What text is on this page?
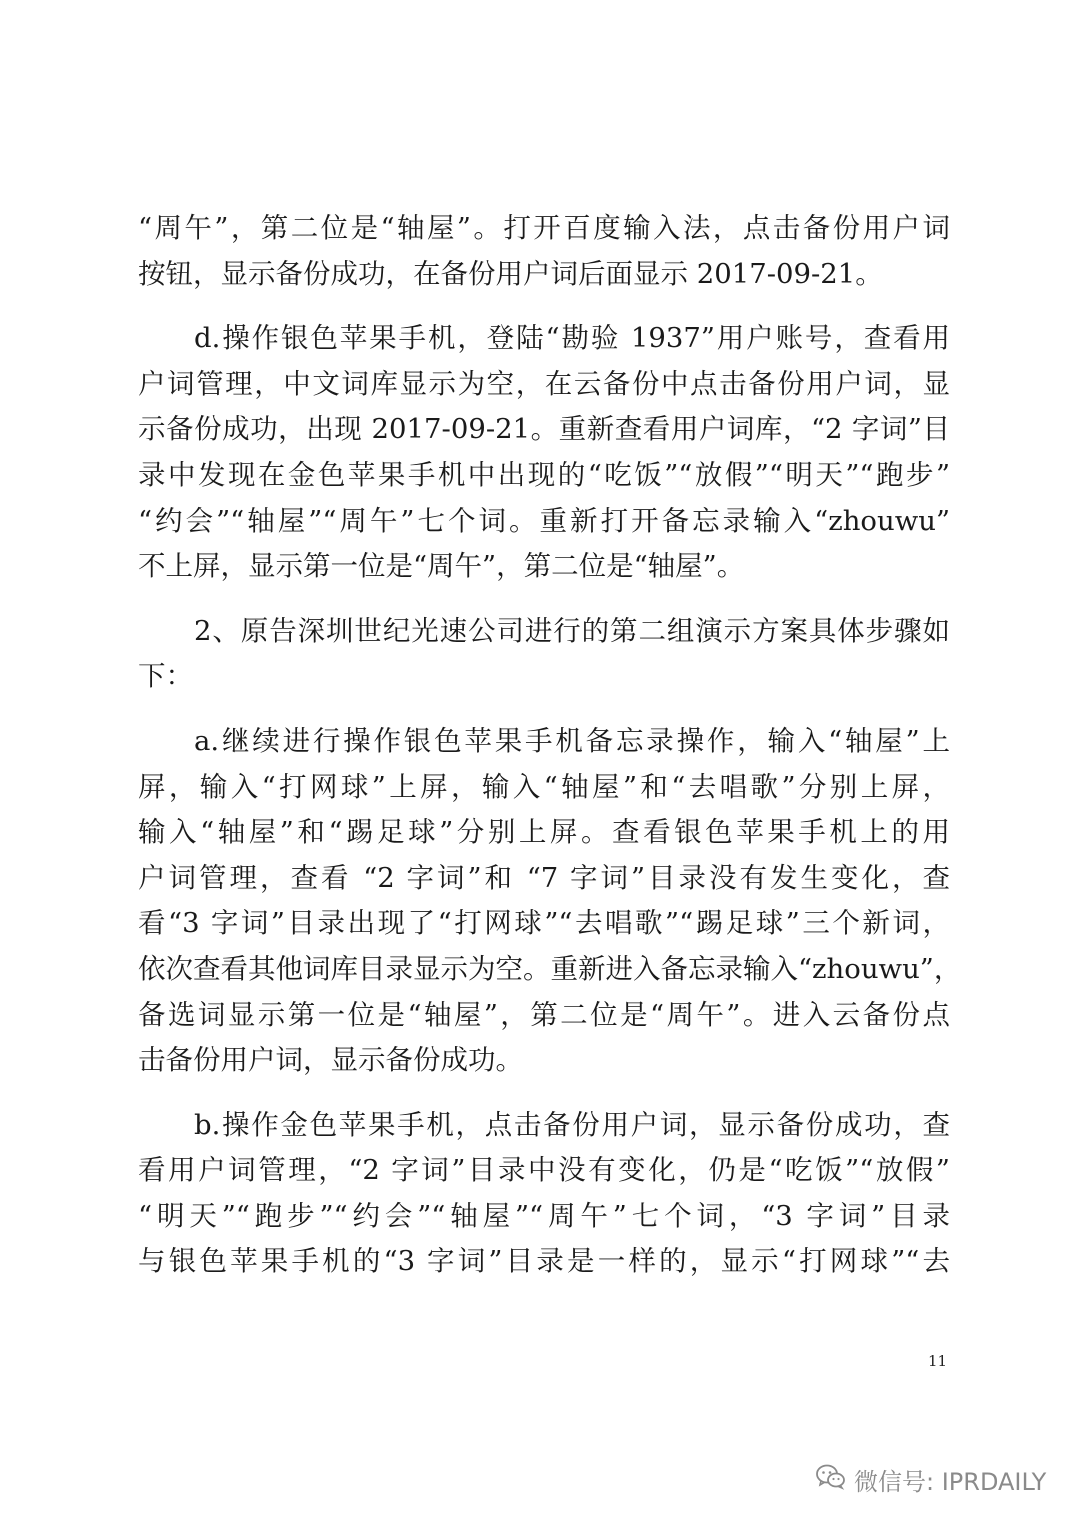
“周午”，第二位是“轴屋”。打开百度输入法，点击备份用户词
按钮，显示备份成功，在备份用户词后面显示 2017-09-21。
d.操作银色苹果手机，登陆“勘验 1937”用户账号，查看用
户词管理，中文词库显示为空，在云备份中点击备份用户词，显
示备份成功，出现 2017-09-21。重新查看用户词库，“2 字词”目
录中发现在金色苹果手机中出现的“吃饭”“放假”“明天”“跑步”
“约会”“轴屋”“周午”七个词。重新打开备忘录输入“zhouwu”
不上屏，显示第一位是“周午”，第二位是“轴屋”。
2、原告深圳世纪光速公司进行的第二组演示方案具体步骤如
下：
a.继续进行操作银色苹果手机备忘录操作，输入“轴屋”上
屏，输入“打网球”上屏，输入“轴屋”和“去唱歌”分别上屏，
输入“轴屋”和“踢足球”分别上屏。查看银色苹果手机上的用
户词管理，查看 “2 字词”和 “7 字词”目录没有发生变化，查
看“3 字词”目录出现了“打网球”“去唱歌”“踢足球”三个新词，
依次查看其他词库目录显示为空。重新进入备忘录输入“zhouwu”，
备选词显示第一位是“轴屋”，第二位是“周午”。进入云备份点
击备份用户词，显示备份成功。
b.操作金色苹果手机，点击备份用户词，显示备份成功，查
看用户词管理，“2 字词”目录中没有变化，仍是“吃饭”“放假”
“明天”“跑步”“约会”“轴屋”“周午”七个词，“3 字词”目录
与银色苹果手机的“3 字词”目录是一样的，显示“打网球”“去
11
微信号: IPRDAILY
